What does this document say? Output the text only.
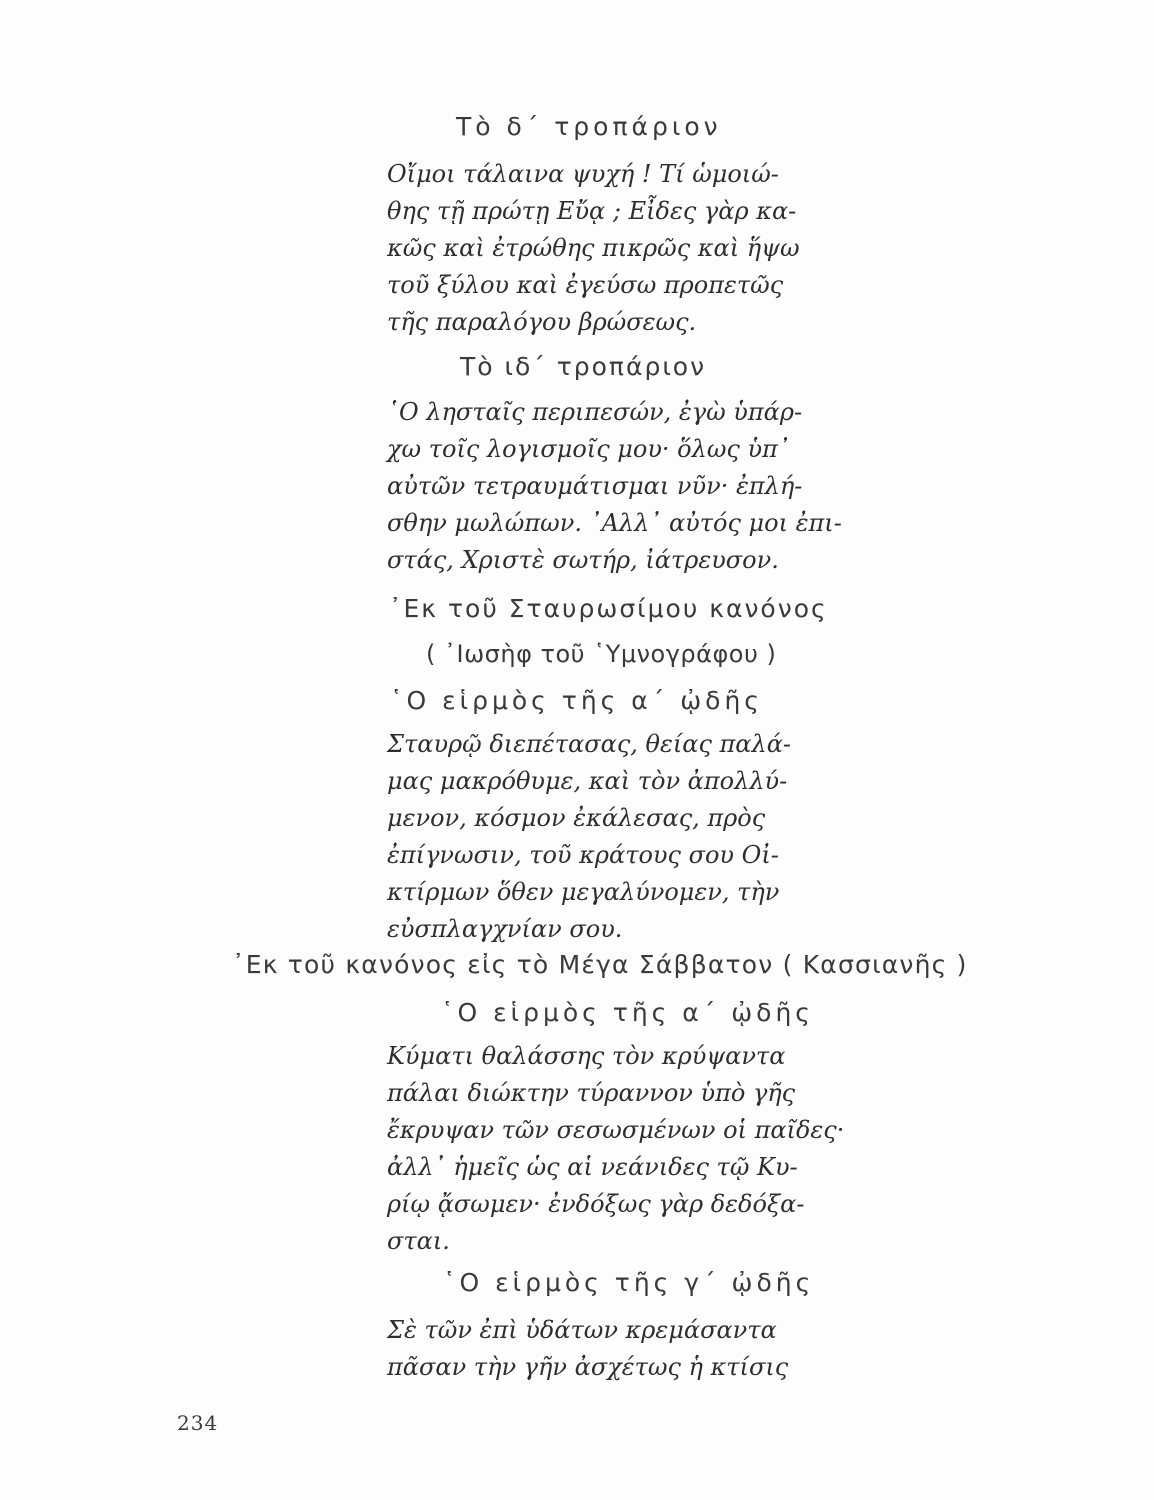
Τὸ δ΄ τροπάριον
Οἴμοι τάλαινα ψυχή ! Τί ὡμοιώ-
θης τῇ πρώτῃ Εὔᾳ ; Εἶδες γὰρ κα-
κῶς καὶ ἐτρώθης πικρῶς καὶ ἥψω
τοῦ ξύλου καὶ ἐγεύσω προπετῶς
τῆς παραλόγου βρώσεως.
Τὸ ιδ΄ τροπάριον
῾Ο λησταῖς περιπεσών, ἐγὼ ὑπάρ-
χω τοῖς λογισμοῖς μου· ὅλως ὑπ᾽
αὐτῶν τετραυμάτισμαι νῦν· ἐπλή-
σθην μωλώπων. ᾿Αλλ᾽ αὐτός μοι ἐπι-
στάς, Χριστὲ σωτήρ, ἰάτρευσον.
᾿Εκ τοῦ Σταυρωσίμου κανόνος
( ᾿Ιωσὴφ τοῦ ῾Υμνογράφου )
῾Ο εἱρμὸς τῆς α΄ ᾠδῆς
Σταυρῷ διεπέτασας, θείας παλά-
μας μακρόθυμε, καὶ τὸν ἀπολλύ-
μενον, κόσμον ἐκάλεσας, πρὸς
ἐπίγνωσιν, τοῦ κράτους σου Οἰ-
κτίρμων ὅθεν μεγαλύνομεν, τὴν
εὐσπλαγχνίαν σου.
᾿Εκ τοῦ κανόνος εἰς τὸ Μέγα Σάββατον ( Κασσιανῆς )
῾Ο εἱρμὸς τῆς α΄ ᾠδῆς
Κύματι θαλάσσης τὸν κρύψαντα
πάλαι διώκτην τύραννον ὑπὸ γῆς
ἔκρυψαν τῶν σεσωσμένων οἱ παῖδες·
ἀλλ᾽ ἡμεῖς ὡς αἱ νεάνιδες τῷ Κυ-
ρίῳ ᾄσωμεν· ἐνδόξως γὰρ δεδόξα-
σται.
῾Ο εἱρμὸς τῆς γ΄ ᾠδῆς
Σὲ τῶν ἐπὶ ὑδάτων κρεμάσαντα
πᾶσαν τὴν γῆν ἀσχέτως ἡ κτίσις
234
